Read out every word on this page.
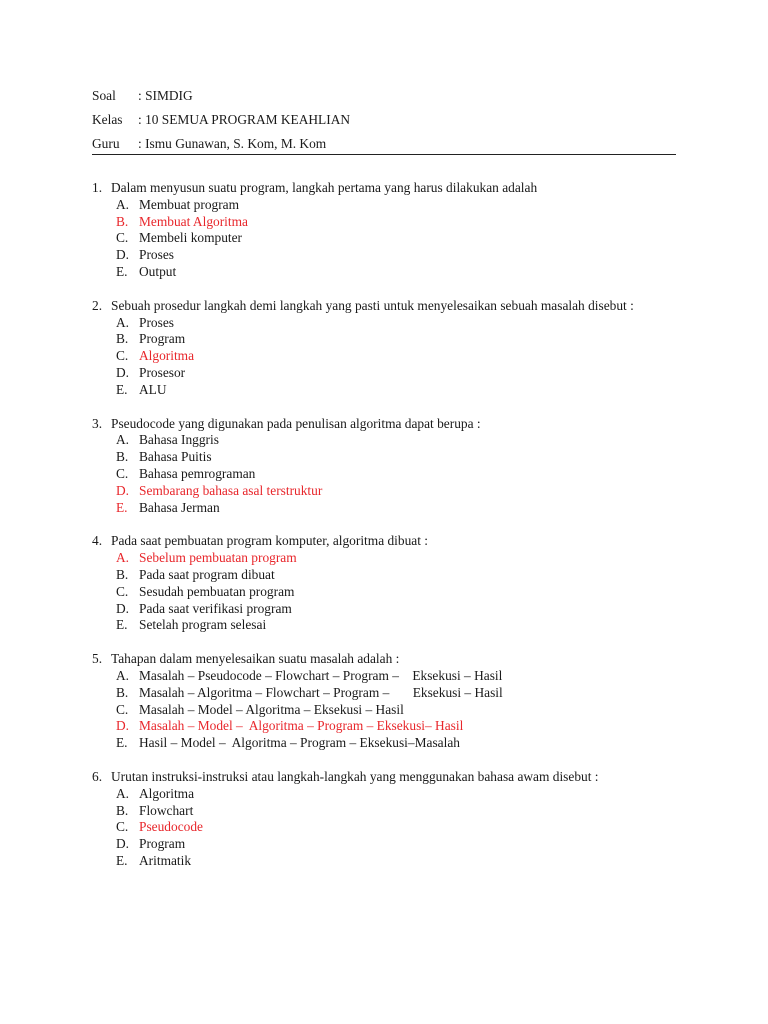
Soal : SIMDIG
Kelas : 10 SEMUA PROGRAM KEAHLIAN
Guru : Ismu Gunawan, S. Kom, M. Kom
1. Dalam menyusun suatu program, langkah pertama yang harus dilakukan adalah
A. Membuat program
B. Membuat Algoritma
C. Membeli komputer
D. Proses
E. Output
2. Sebuah prosedur langkah demi langkah yang pasti untuk menyelesaikan sebuah masalah disebut :
A. Proses
B. Program
C. Algoritma
D. Prosesor
E. ALU
3. Pseudocode yang digunakan pada penulisan algoritma dapat berupa :
A. Bahasa Inggris
B. Bahasa Puitis
C. Bahasa pemrograman
D. Sembarang bahasa asal terstruktur
E. Bahasa Jerman
4. Pada saat pembuatan program komputer, algoritma dibuat :
A. Sebelum pembuatan program
B. Pada saat program dibuat
C. Sesudah pembuatan program
D. Pada saat verifikasi program
E. Setelah program selesai
5. Tahapan dalam menyelesaikan suatu masalah adalah :
A. Masalah – Pseudocode – Flowchart – Program –    Eksekusi – Hasil
B. Masalah – Algoritma – Flowchart – Program –       Eksekusi – Hasil
C. Masalah – Model – Algoritma – Eksekusi – Hasil
D. Masalah – Model –  Algoritma – Program – Eksekusi– Hasil
E. Hasil – Model –  Algoritma – Program – Eksekusi–Masalah
6. Urutan instruksi-instruksi atau langkah-langkah yang menggunakan bahasa awam disebut :
A. Algoritma
B. Flowchart
C. Pseudocode
D. Program
E. Aritmatik
